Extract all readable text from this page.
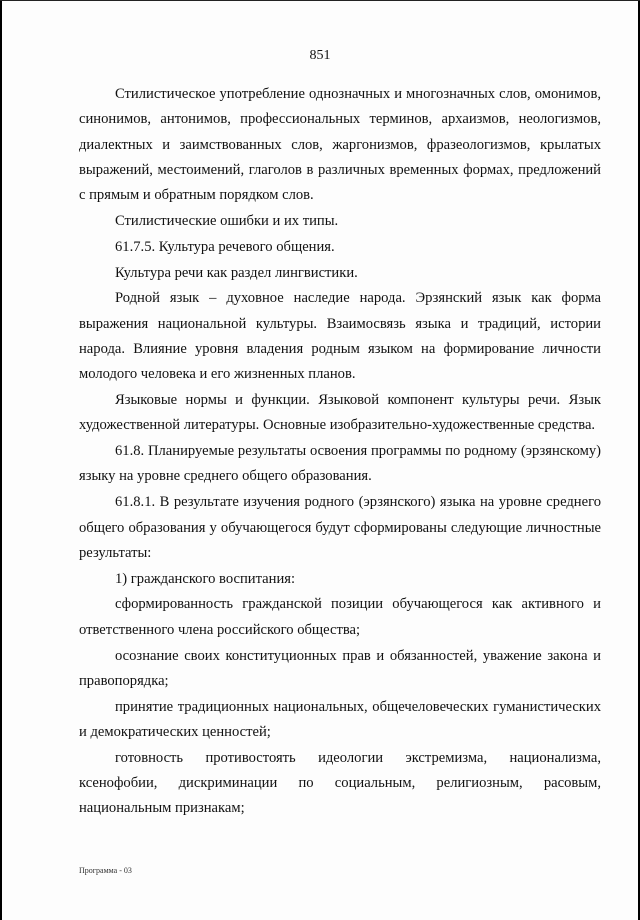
851

Стилистическое употребление однозначных и многозначных слов, омонимов, синонимов, антонимов, профессиональных терминов, архаизмов, неологизмов, диалектных и заимствованных слов, жаргонизмов, фразеологизмов, крылатых выражений, местоимений, глаголов в различных временных формах, предложений с прямым и обратным порядком слов.

Стилистические ошибки и их типы.

61.7.5. Культура речевого общения.

Культура речи как раздел лингвистики.

Родной язык – духовное наследие народа. Эрзянский язык как форма выражения национальной культуры. Взаимосвязь языка и традиций, истории народа. Влияние уровня владения родным языком на формирование личности молодого человека и его жизненных планов.

Языковые нормы и функции. Языковой компонент культуры речи. Язык художественной литературы. Основные изобразительно-художественные средства.

61.8. Планируемые результаты освоения программы по родному (эрзянскому) языку на уровне среднего общего образования.

61.8.1. В результате изучения родного (эрзянского) языка на уровне среднего общего образования у обучающегося будут сформированы следующие личностные результаты:

1) гражданского воспитания:

сформированность гражданской позиции обучающегося как активного и ответственного члена российского общества;

осознание своих конституционных прав и обязанностей, уважение закона и правопорядка;

принятие традиционных национальных, общечеловеческих гуманистических и демократических ценностей;

готовность противостоять идеологии экстремизма, национализма, ксенофобии, дискриминации по социальным, религиозным, расовым, национальным признакам;

Программа - 03
